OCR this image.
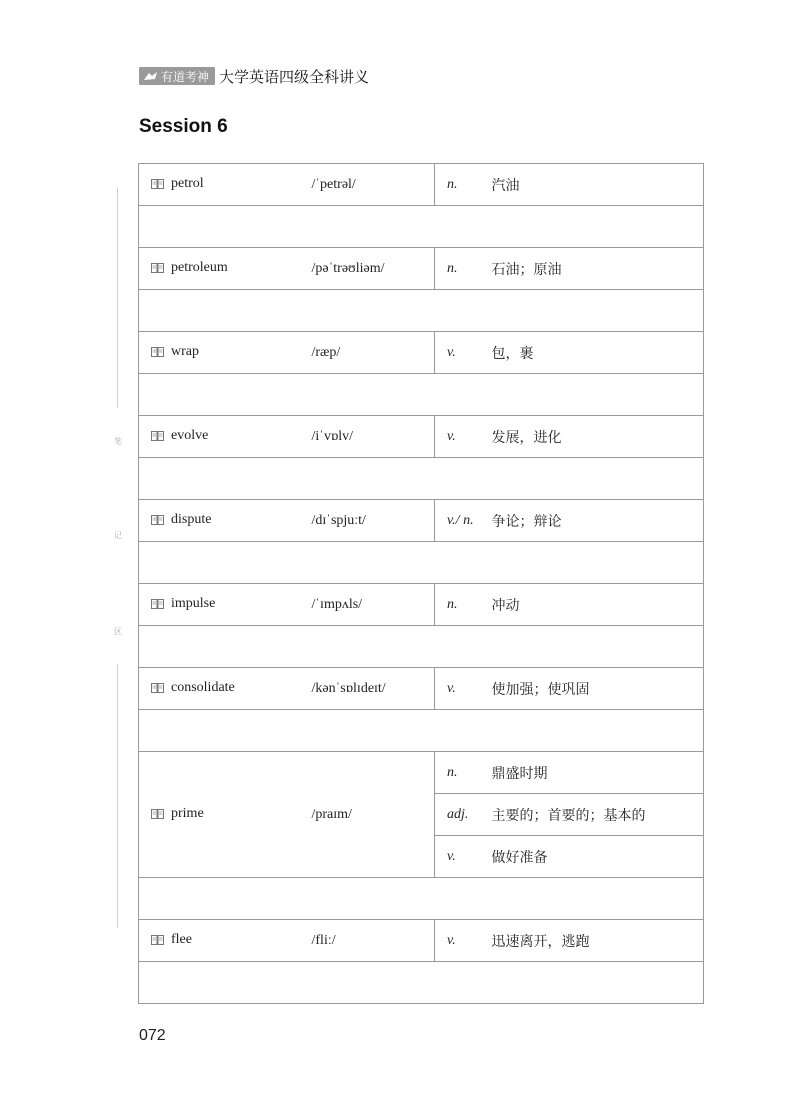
有道考神 大学英语四级全科讲义
Session 6
笔
记
区
petrol	/ˈpetrəl/	n.	汽油

petroleum	/pəˈtrəʊliəm/	n.	石油；原油

wrap	/ræp/	v.	包，裹

evolve	/iˈvɒlv/	v.	发展，进化

dispute	/dɪˈspjuːt/	v./ n.	争论；辩论

impulse	/ˈɪmpʌls/	n.	冲动

consolidate	/kənˈsɒlɪdeɪt/	v.	使加强；使巩固

prime	/praɪm/	n.	鼎盛时期
		adj.	主要的；首要的；基本的
		v.	做好准备

flee	/fliː/	v.	迅速离开，逃跑

072
